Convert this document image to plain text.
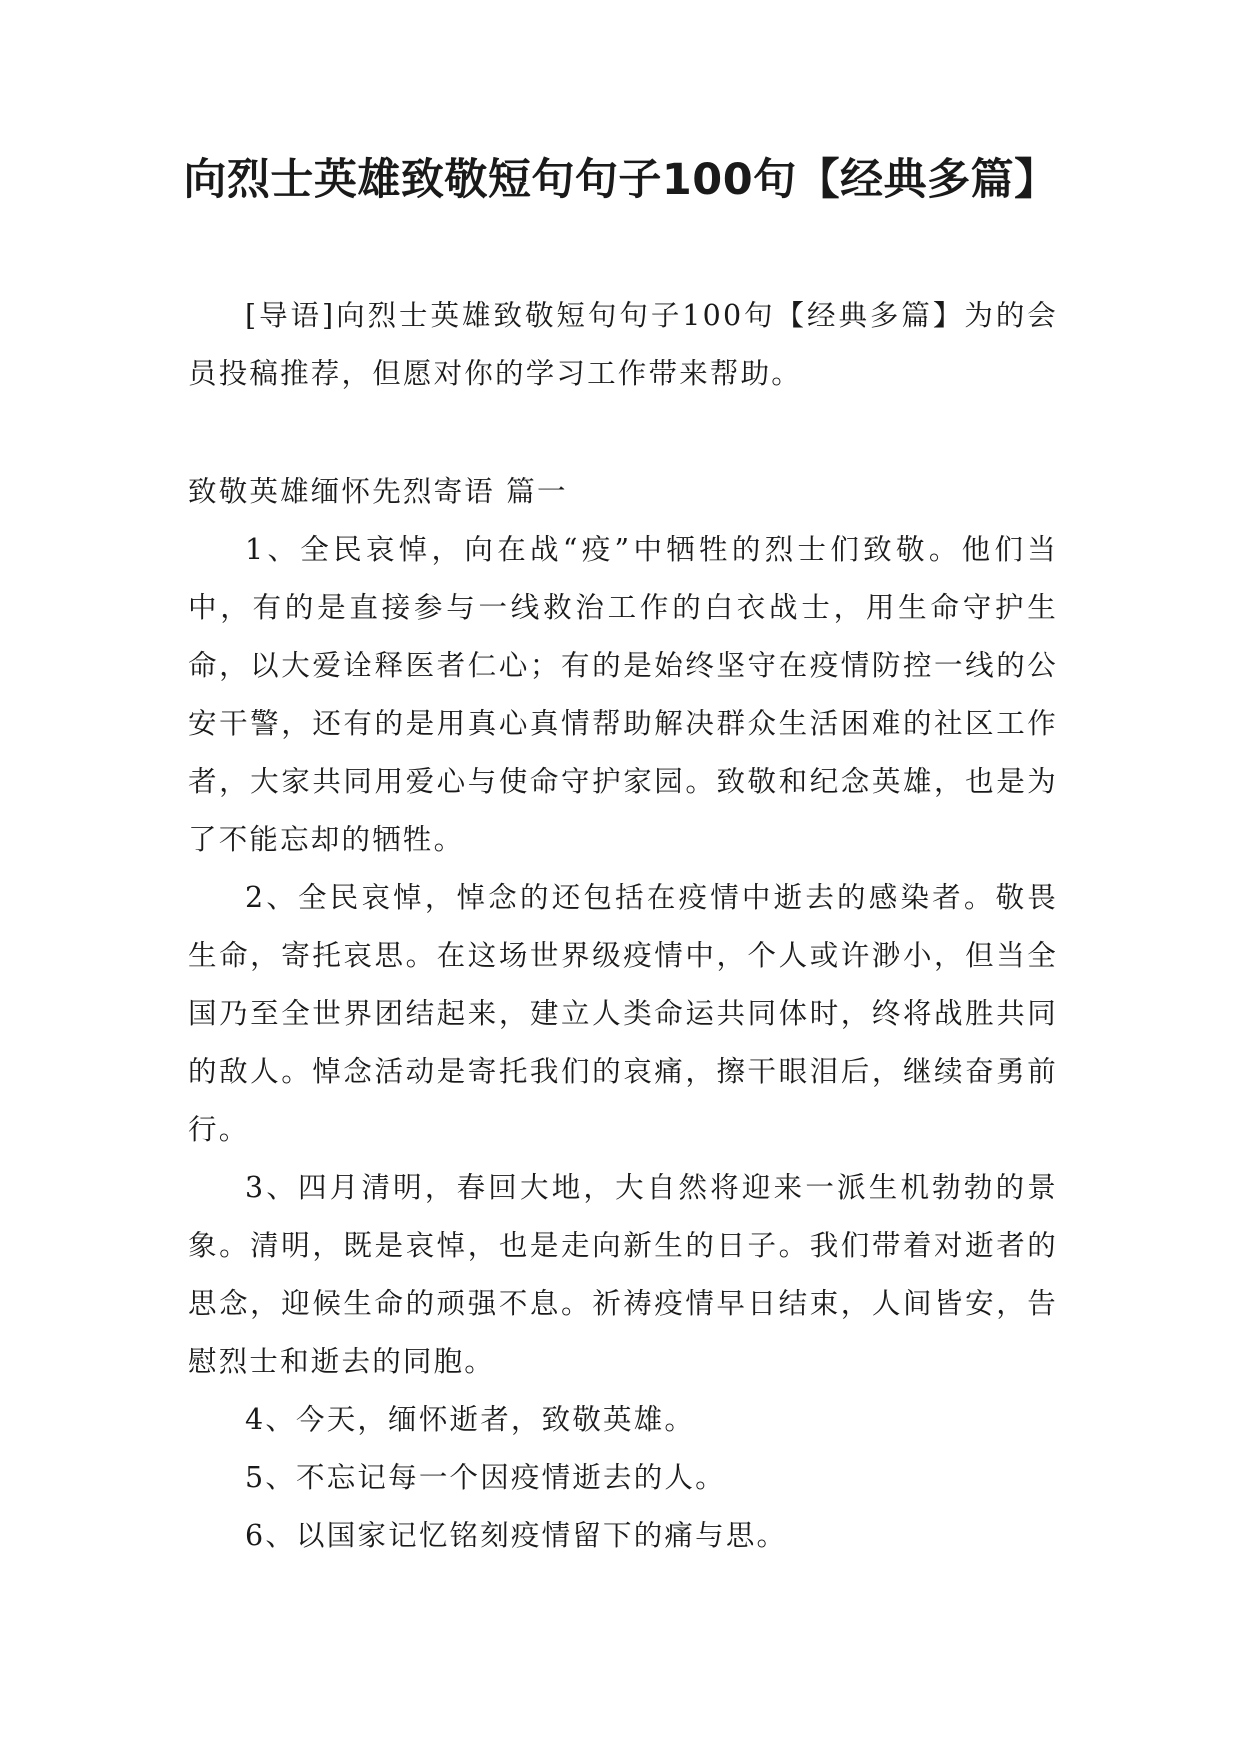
向烈士英雄致敬短句句子100句【经典多篇】

[导语]向烈士英雄致敬短句句子100句【经典多篇】为的会员投稿推荐，但愿对你的学习工作带来帮助。

致敬英雄缅怀先烈寄语 篇一

1、全民哀悼，向在战“疫”中牺牲的烈士们致敬。他们当中，有的是直接参与一线救治工作的白衣战士，用生命守护生命，以大爱诠释医者仁心；有的是始终坚守在疫情防控一线的公安干警，还有的是用真心真情帮助解决群众生活困难的社区工作者，大家共同用爱心与使命守护家园。致敬和纪念英雄，也是为了不能忘却的牺牲。

2、全民哀悼，悼念的还包括在疫情中逝去的感染者。敬畏生命，寄托哀思。在这场世界级疫情中，个人或许渺小，但当全国乃至全世界团结起来，建立人类命运共同体时，终将战胜共同的敌人。悼念活动是寄托我们的哀痛，擦干眼泪后，继续奋勇前行。

3、四月清明，春回大地，大自然将迎来一派生机勃勃的景象。清明，既是哀悼，也是走向新生的日子。我们带着对逝者的思念，迎候生命的顽强不息。祈祷疫情早日结束，人间皆安，告慰烈士和逝去的同胞。

4、今天，缅怀逝者，致敬英雄。

5、不忘记每一个因疫情逝去的人。

6、以国家记忆铭刻疫情留下的痛与思。
